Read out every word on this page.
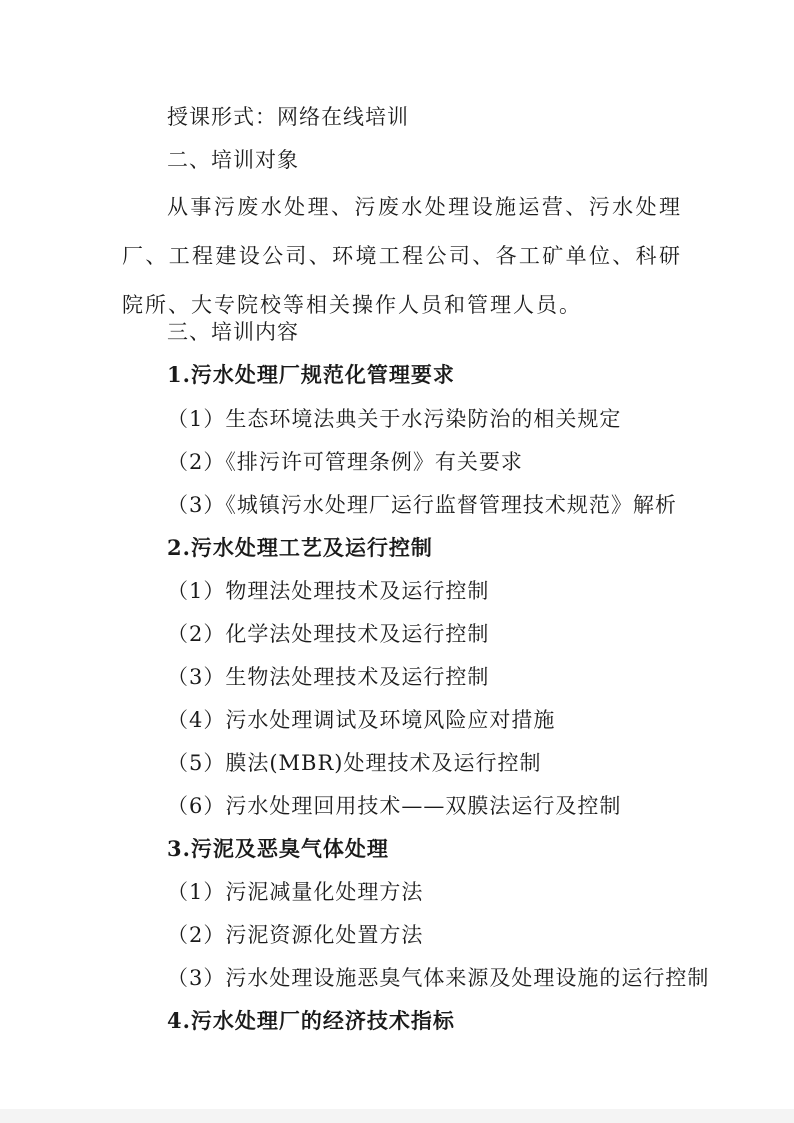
授课形式：网络在线培训
二、培训对象
从事污废水处理、污废水处理设施运营、污水处理厂、工程建设公司、环境工程公司、各工矿单位、科研院所、大专院校等相关操作人员和管理人员。
三、培训内容
1.污水处理厂规范化管理要求
（1）生态环境法典关于水污染防治的相关规定
（2）《排污许可管理条例》有关要求
（3）《城镇污水处理厂运行监督管理技术规范》解析
2.污水处理工艺及运行控制
（1）物理法处理技术及运行控制
（2）化学法处理技术及运行控制
（3）生物法处理技术及运行控制
（4）污水处理调试及环境风险应对措施
（5）膜法(MBR)处理技术及运行控制
（6）污水处理回用技术——双膜法运行及控制
3.污泥及恶臭气体处理
（1）污泥减量化处理方法
（2）污泥资源化处置方法
（3）污水处理设施恶臭气体来源及处理设施的运行控制
4.污水处理厂的经济技术指标
